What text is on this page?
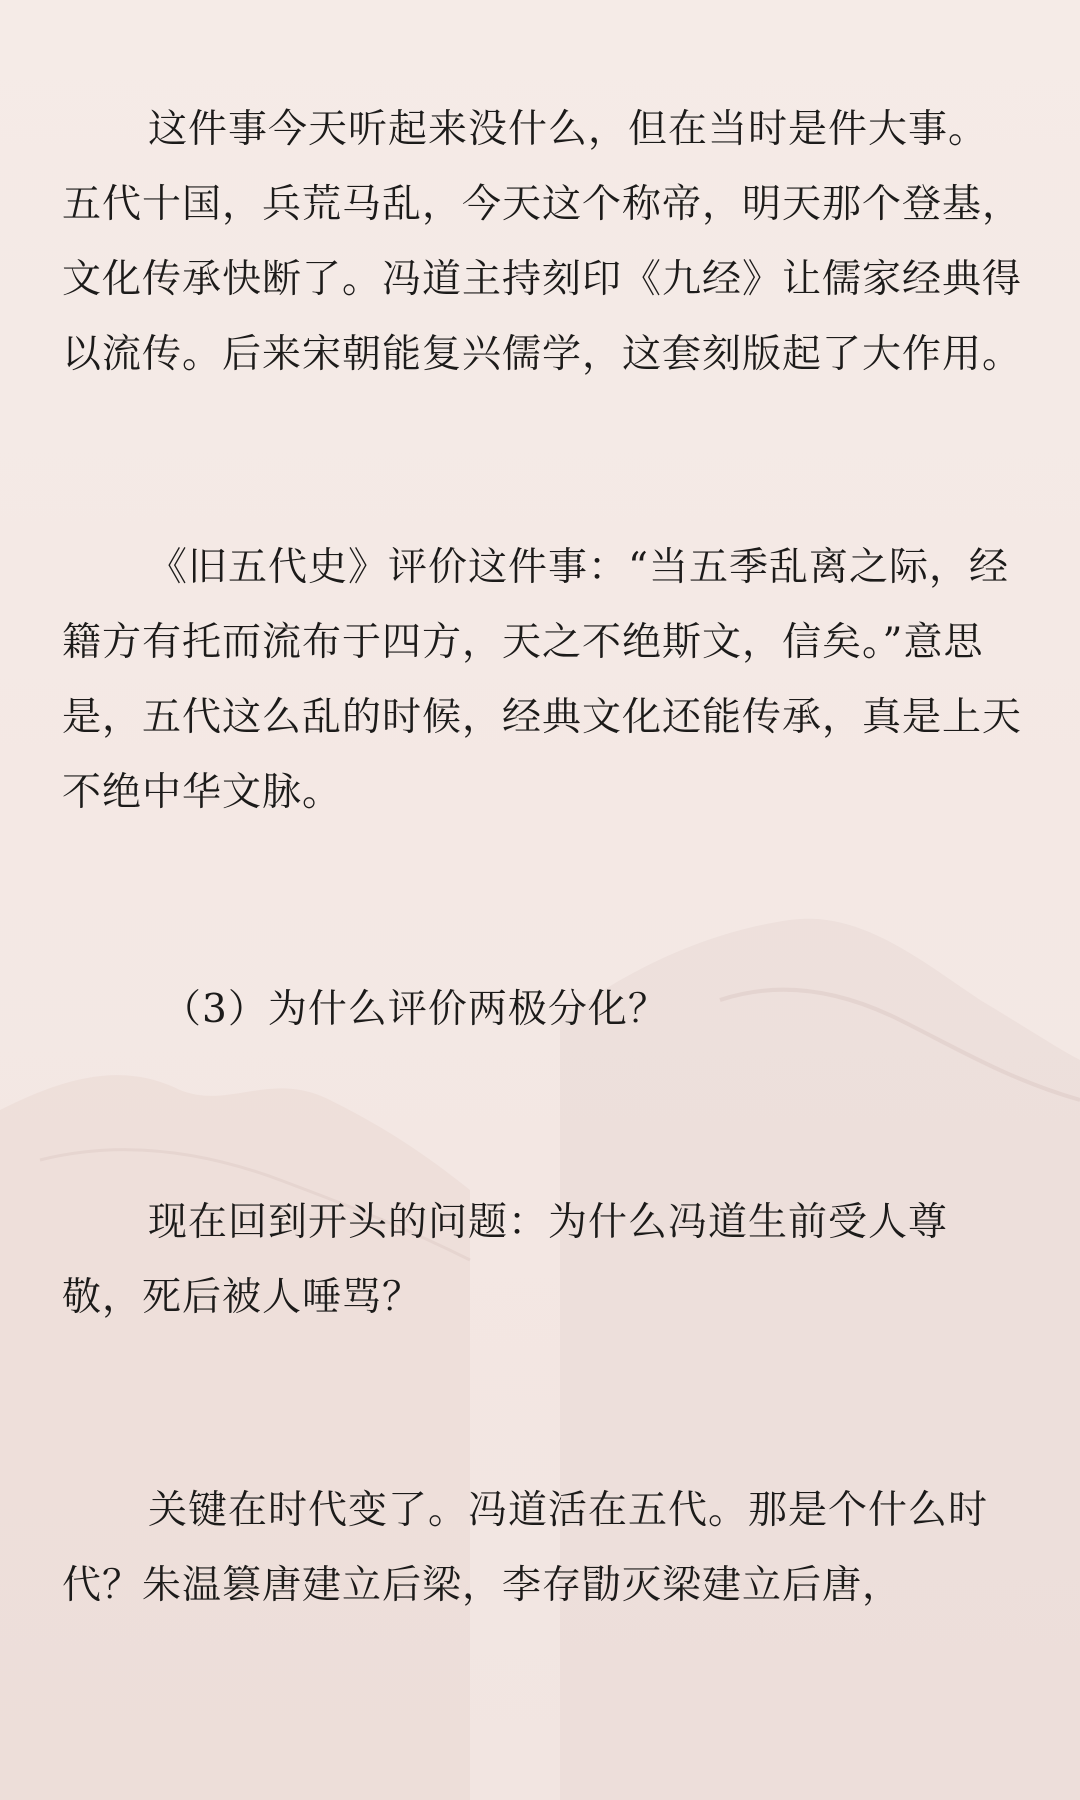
这件事今天听起来没什么，但在当时是件大事。五代十国，兵荒马乱，今天这个称帝，明天那个登基，文化传承快断了。冯道主持刻印《九经》让儒家经典得以流传。后来宋朝能复兴儒学，这套刻版起了大作用。

《旧五代史》评价这件事：“当五季乱离之际，经籍方有托而流布于四方，天之不绝斯文，信矣。”意思是，五代这么乱的时候，经典文化还能传承，真是上天不绝中华文脉。

（3）为什么评价两极分化？

现在回到开头的问题：为什么冯道生前受人尊敬，死后被人唾骂？

关键在时代变了。冯道活在五代。那是个什么时代？朱温篡唐建立后梁，李存勖灭梁建立后唐，
